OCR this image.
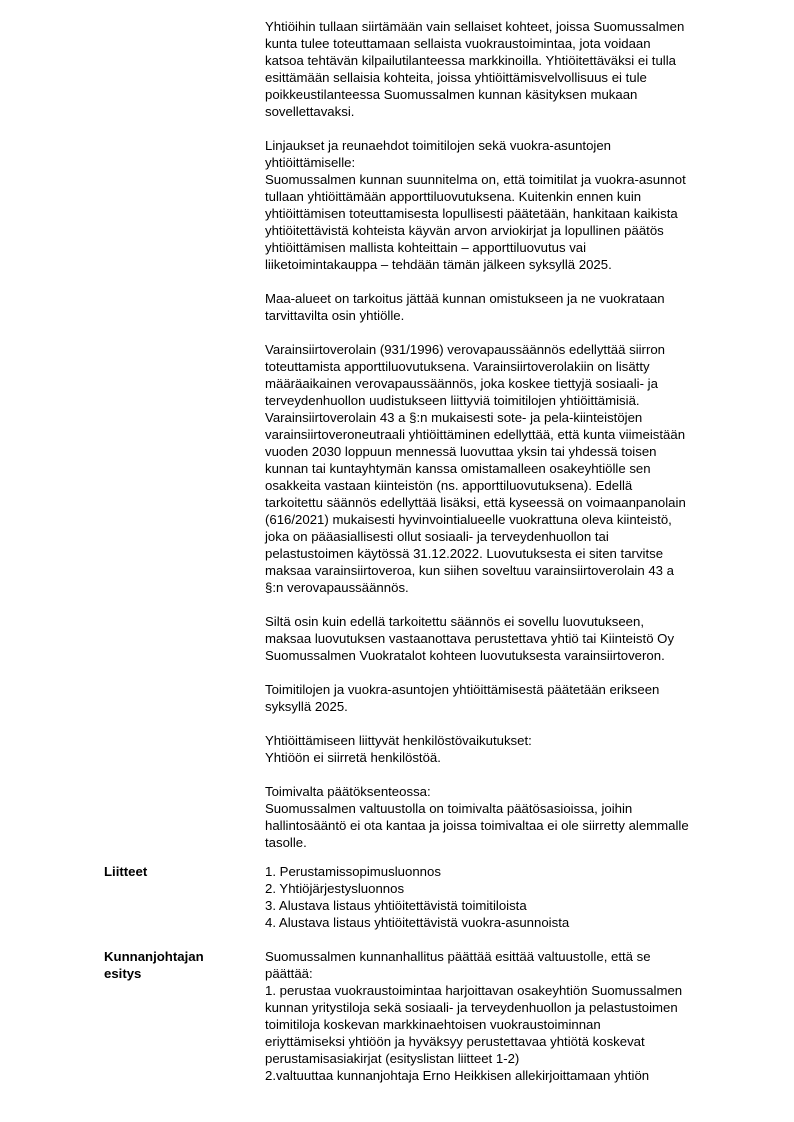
Yhtiöihin tullaan siirtämään vain sellaiset kohteet, joissa Suomussalmen
kunta tulee toteuttamaan sellaista vuokraustoimintaa, jota voidaan
katsoa tehtävän kilpailutilanteessa markkinoilla. Yhtiöitettäväksi ei tulla
esittämään sellaisia kohteita, joissa yhtiöittämisvelvollisuus ei tule
poikkeustilanteessa Suomussalmen kunnan käsityksen mukaan
sovellettavaksi.

Linjaukset ja reunaehdot toimitilojen sekä vuokra-asuntojen
yhtiöittämiselle:
Suomussalmen kunnan suunnitelma on, että toimitilat ja vuokra-asunnot
tullaan yhtiöittämään apporttiluovutuksena. Kuitenkin ennen kuin
yhtiöittämisen toteuttamisesta lopullisesti päätetään, hankitaan kaikista
yhtiöitettävistä kohteista käyvän arvon arviokirjat ja lopullinen päätös
yhtiöittämisen mallista kohteittain – apporttiluovutus vai
liiketoimintakauppa – tehdään tämän jälkeen syksyllä 2025.

Maa-alueet on tarkoitus jättää kunnan omistukseen ja ne vuokrataan
tarvittavilta osin yhtiölle.

Varainsiirtoverolain (931/1996) verovapaussäännös edellyttää siirron
toteuttamista apporttiluovutuksena. Varainsiirtoverolakiin on lisätty
määräaikainen verovapaussäännös, joka koskee tiettyjä sosiaali- ja
terveydenhuollon uudistukseen liittyviä toimitilojen yhtiöittämisiä.
Varainsiirtoverolain 43 a §:n mukaisesti sote- ja pela-kiinteistöjen
varainsiirtoveroneutraali yhtiöittäminen edellyttää, että kunta viimeistään
vuoden 2030 loppuun mennessä luovuttaa yksin tai yhdessä toisen
kunnan tai kuntayhtymän kanssa omistamalleen osakeyhtiölle sen
osakkeita vastaan kiinteistön (ns. apporttiluovutuksena). Edellä
tarkoitettu säännös edellyttää lisäksi, että kyseessä on voimaanpanolain
(616/2021) mukaisesti hyvinvointialueelle vuokrattuna oleva kiinteistö,
joka on pääasiallisesti ollut sosiaali- ja terveydenhuollon tai
pelastustoimen käytössä 31.12.2022. Luovutuksesta ei siten tarvitse
maksaa varainsiirtoveroa, kun siihen soveltuu varainsiirtoverolain 43 a
§:n verovapaussäännös.

Siltä osin kuin edellä tarkoitettu säännös ei sovellu luovutukseen,
maksaa luovutuksen vastaanottava perustettava yhtiö tai Kiinteistö Oy
Suomussalmen Vuokratalot kohteen luovutuksesta varainsiirtoveron.

Toimitilojen ja vuokra-asuntojen yhtiöittämisestä päätetään erikseen
syksyllä 2025.

Yhtiöittämiseen liittyvät henkilöstövaikutukset:
Yhtiöön ei siirretä henkilöstöä.

Toimivalta päätöksenteossa:
Suomussalmen valtuustolla on toimivalta päätösasioissa, joihin
hallintosääntö ei ota kantaa ja joissa toimivaltaa ei ole siirretty alemmalle
tasolle.

Liitteet	1. Perustamissopimusluonnos
2. Yhtiöjärjestysluonnos
3. Alustava listaus yhtiöitettävistä toimitiloista
4. Alustava listaus yhtiöitettävistä vuokra-asunnoista
Kunnanjohtajan
esitys
Suomussalmen kunnanhallitus päättää esittää valtuustolle, että se
päättää:
1. perustaa vuokraustoimintaa harjoittavan osakeyhtiön Suomussalmen
kunnan yritystiloja sekä sosiaali- ja terveydenhuollon ja pelastustoimen
toimitiloja koskevan markkinaehtoisen vuokraustoiminnan
eriyttämiseksi yhtiöön ja hyväksyy perustettavaa yhtiötä koskevat
perustamisasiakirjat (esityslistan liitteet 1-2)
2.valtuuttaa kunnanjohtaja Erno Heikkisen allekirjoittamaan yhtiön
